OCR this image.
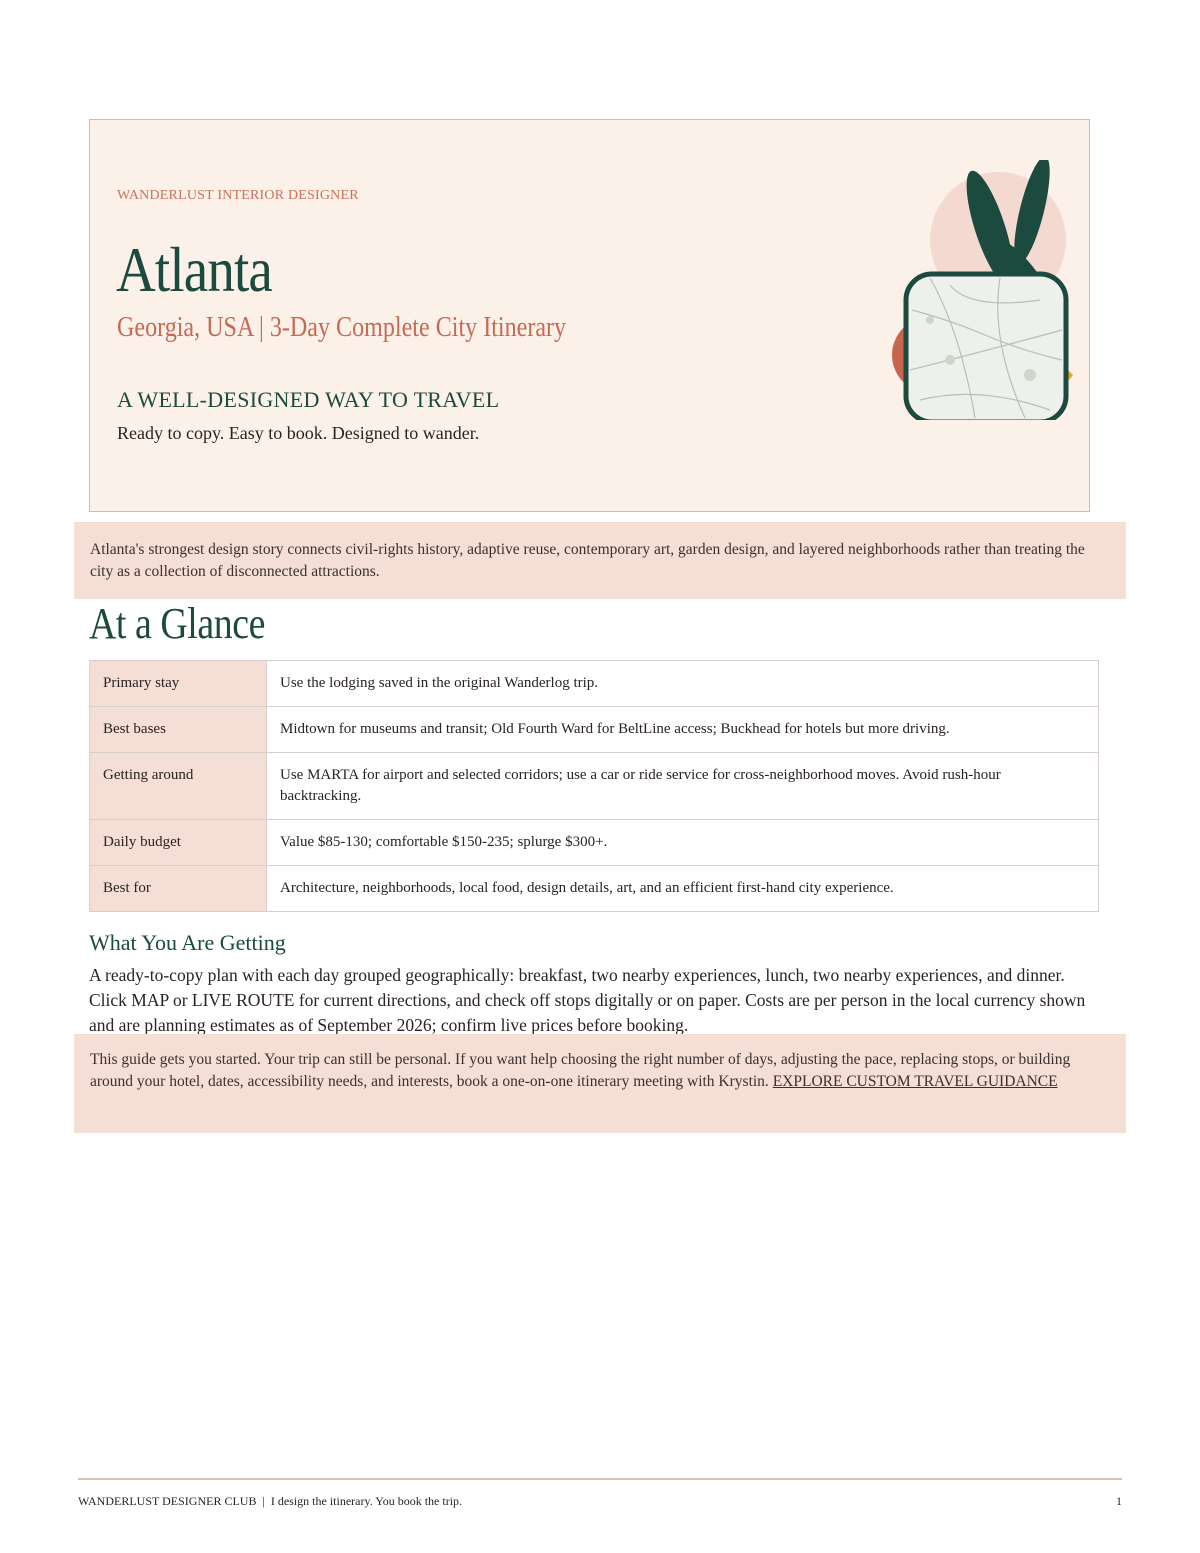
WANDERLUST INTERIOR DESIGNER
Atlanta
Georgia, USA | 3-Day Complete City Itinerary
A WELL-DESIGNED WAY TO TRAVEL
Ready to copy. Easy to book. Designed to wander.
Atlanta's strongest design story connects civil-rights history, adaptive reuse, contemporary art, garden design, and layered neighborhoods rather than treating the city as a collection of disconnected attractions.
At a Glance
Primary stay	Use the lodging saved in the original Wanderlog trip.
Best bases	Midtown for museums and transit; Old Fourth Ward for BeltLine access; Buckhead for hotels but more driving.
Getting around	Use MARTA for airport and selected corridors; use a car or ride service for cross-neighborhood moves. Avoid rush-hour backtracking.
Daily budget	Value $85-130; comfortable $150-235; splurge $300+.
Best for	Architecture, neighborhoods, local food, design details, art, and an efficient first-hand city experience.
What You Are Getting

A ready-to-copy plan with each day grouped geographically: breakfast, two nearby experiences, lunch, two nearby experiences, and dinner. Click MAP or LIVE ROUTE for current directions, and check off stops digitally or on paper. Costs are per person in the local currency shown and are planning estimates as of September 2026; confirm live prices before booking.

This guide gets you started. Your trip can still be personal. If you want help choosing the right number of days, adjusting the pace, replacing stops, or building around your hotel, dates, accessibility needs, and interests, book a one-on-one itinerary meeting with Krystin. EXPLORE CUSTOM TRAVEL GUIDANCE
WANDERLUST DESIGNER CLUB  |  I design the itinerary. You book the trip.	1
